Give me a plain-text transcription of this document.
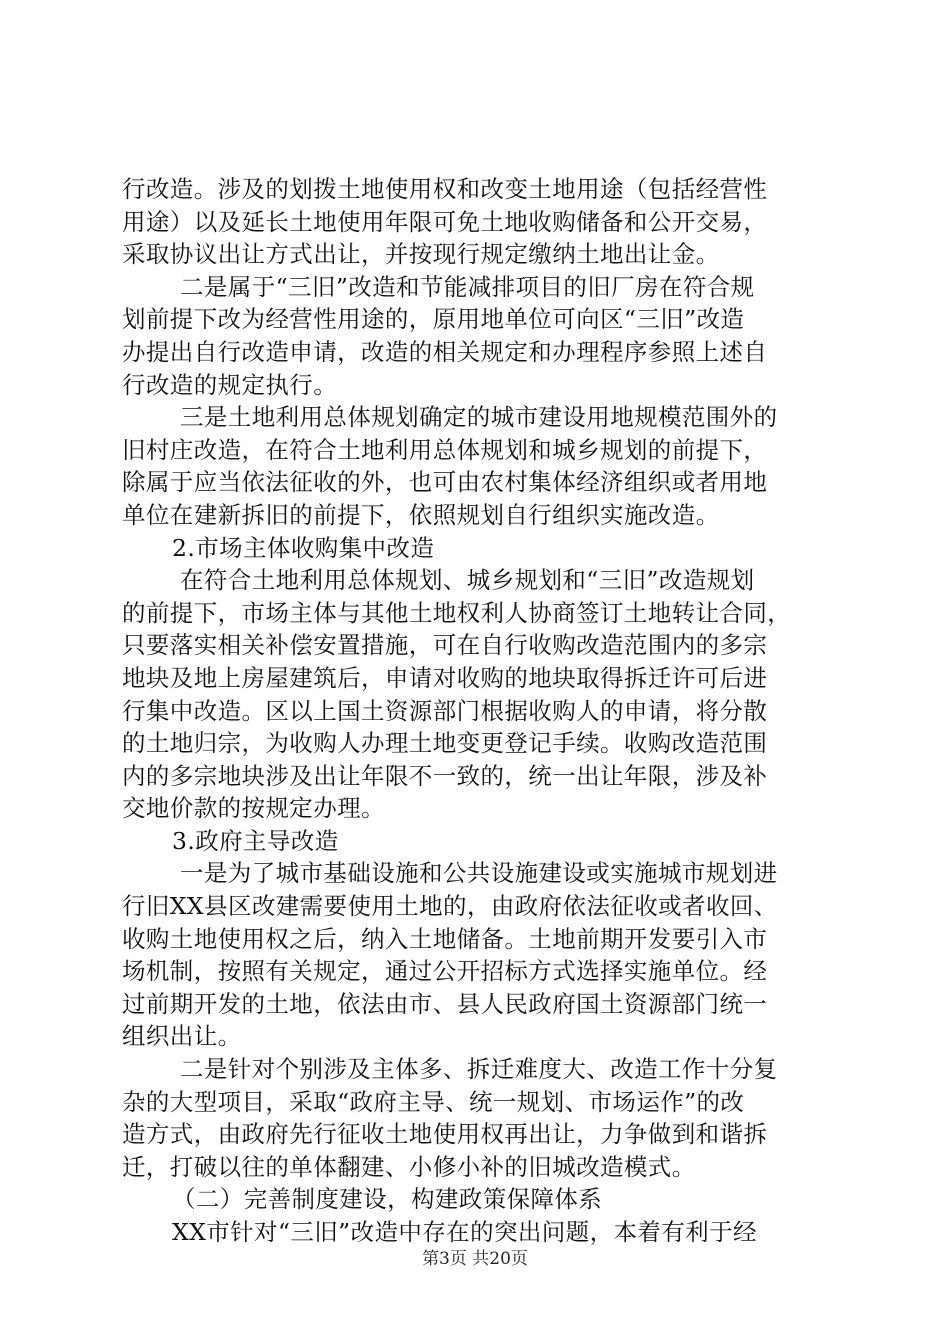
行改造。涉及的划拨土地使用权和改变土地用途（包括经营性
用途）以及延长土地使用年限可免土地收购储备和公开交易，
采取协议出让方式出让，并按现行规定缴纳土地出让金。
二是属于“三旧”改造和节能减排项目的旧厂房在符合规
划前提下改为经营性用途的，原用地单位可向区“三旧”改造
办提出自行改造申请，改造的相关规定和办理程序参照上述自
行改造的规定执行。
三是土地利用总体规划确定的城市建设用地规模范围外的
旧村庄改造，在符合土地利用总体规划和城乡规划的前提下，
除属于应当依法征收的外，也可由农村集体经济组织或者用地
单位在建新拆旧的前提下，依照规划自行组织实施改造。
2.市场主体收购集中改造
在符合土地利用总体规划、城乡规划和“三旧”改造规划
的前提下，市场主体与其他土地权利人协商签订土地转让合同，
只要落实相关补偿安置措施，可在自行收购改造范围内的多宗
地块及地上房屋建筑后，申请对收购的地块取得拆迁许可后进
行集中改造。区以上国土资源部门根据收购人的申请，将分散
的土地归宗，为收购人办理土地变更登记手续。收购改造范围
内的多宗地块涉及出让年限不一致的，统一出让年限，涉及补
交地价款的按规定办理。
3.政府主导改造
一是为了城市基础设施和公共设施建设或实施城市规划进
行旧XX县区改建需要使用土地的，由政府依法征收或者收回、
收购土地使用权之后，纳入土地储备。土地前期开发要引入市
场机制，按照有关规定，通过公开招标方式选择实施单位。经
过前期开发的土地，依法由市、县人民政府国土资源部门统一
组织出让。
二是针对个别涉及主体多、拆迁难度大、改造工作十分复
杂的大型项目，采取“政府主导、统一规划、市场运作”的改
造方式，由政府先行征收土地使用权再出让，力争做到和谐拆
迁，打破以往的单体翻建、小修小补的旧城改造模式。
（二）完善制度建设，构建政策保障体系
XX市针对“三旧”改造中存在的突出问题，本着有利于经
第3页 共20页
